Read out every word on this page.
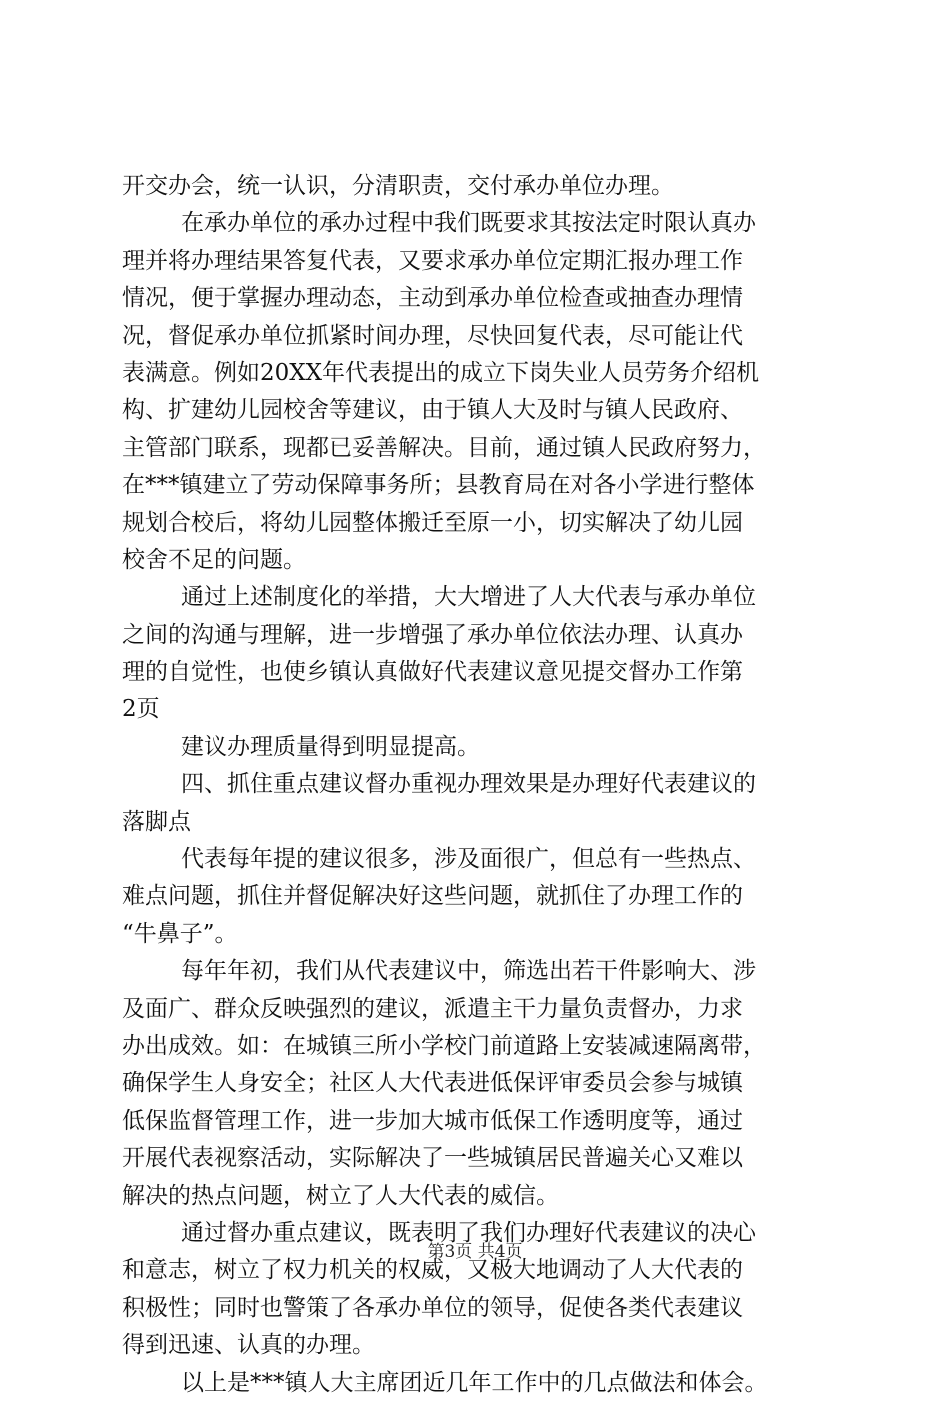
开交办会，统一认识，分清职责，交付承办单位办理。
在承办单位的承办过程中我们既要求其按法定时限认真办
理并将办理结果答复代表，又要求承办单位定期汇报办理工作
情况，便于掌握办理动态，主动到承办单位检查或抽查办理情
况，督促承办单位抓紧时间办理，尽快回复代表，尽可能让代
表满意。例如20XX年代表提出的成立下岗失业人员劳务介绍机
构、扩建幼儿园校舍等建议，由于镇人大及时与镇人民政府、
主管部门联系，现都已妥善解决。目前，通过镇人民政府努力，
在***镇建立了劳动保障事务所；县教育局在对各小学进行整体
规划合校后，将幼儿园整体搬迁至原一小，切实解决了幼儿园
校舍不足的问题。
通过上述制度化的举措，大大增进了人大代表与承办单位
之间的沟通与理解，进一步增强了承办单位依法办理、认真办
理的自觉性，也使乡镇认真做好代表建议意见提交督办工作第
2页
建议办理质量得到明显提高。
四、抓住重点建议督办重视办理效果是办理好代表建议的
落脚点
代表每年提的建议很多，涉及面很广，但总有一些热点、
难点问题，抓住并督促解决好这些问题，就抓住了办理工作的
“牛鼻子”。
每年年初，我们从代表建议中，筛选出若干件影响大、涉
及面广、群众反映强烈的建议，派遣主干力量负责督办，力求
办出成效。如：在城镇三所小学校门前道路上安装减速隔离带，
确保学生人身安全；社区人大代表进低保评审委员会参与城镇
低保监督管理工作，进一步加大城市低保工作透明度等，通过
开展代表视察活动，实际解决了一些城镇居民普遍关心又难以
解决的热点问题，树立了人大代表的威信。
通过督办重点建议，既表明了我们办理好代表建议的决心
和意志，树立了权力机关的权威，又极大地调动了人大代表的
积极性；同时也警策了各承办单位的领导，促使各类代表建议
得到迅速、认真的办理。
以上是***镇人大主席团近几年工作中的几点做法和体会。
第3页 共4页
